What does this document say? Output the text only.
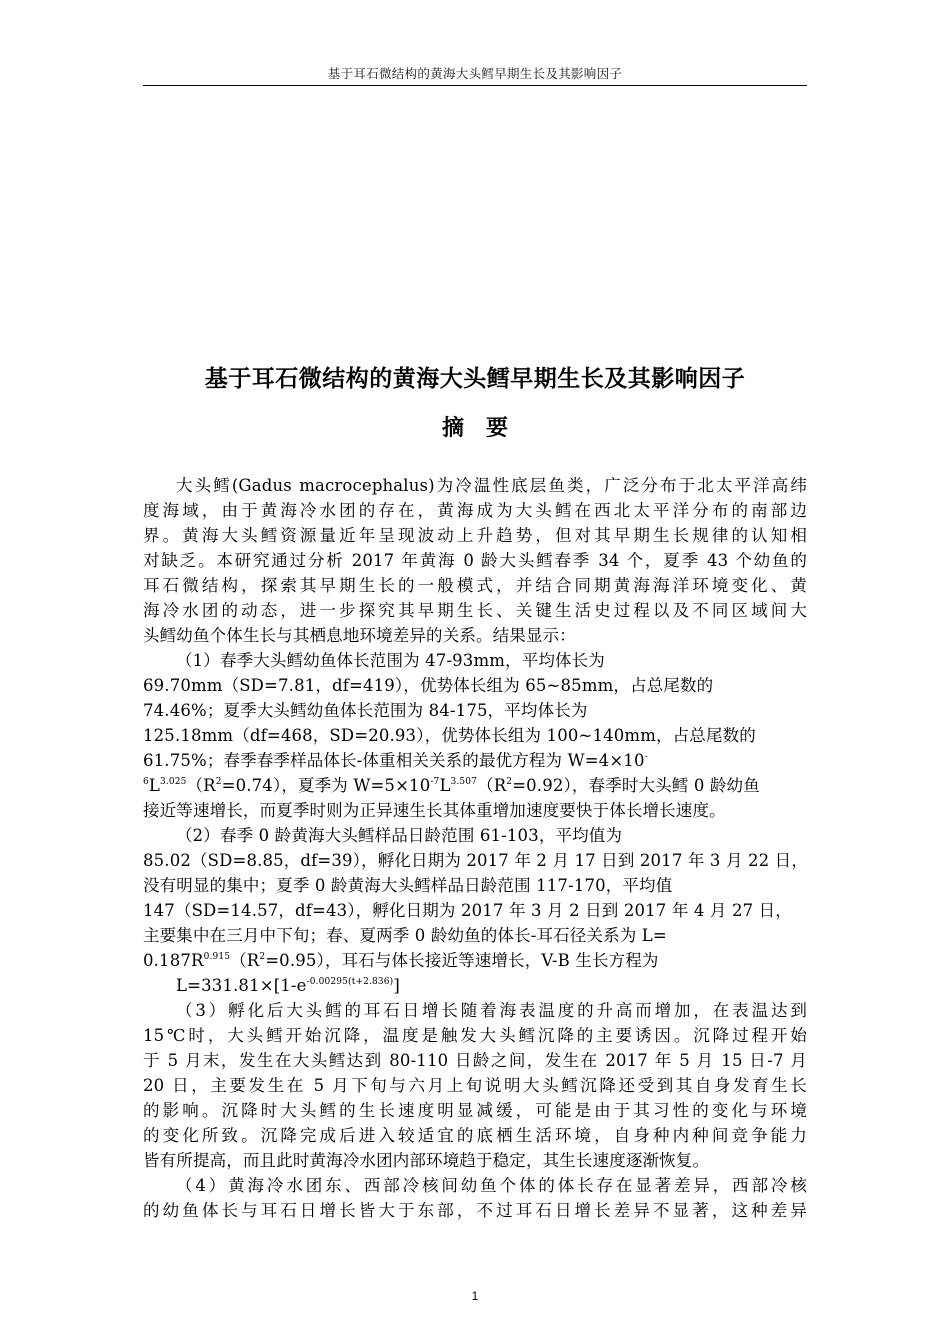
基于耳石微结构的黄海大头鳕早期生长及其影响因子
基于耳石微结构的黄海大头鳕早期生长及其影响因子
摘　要
大头鳕(Gadus macrocephalus)为冷温性底层鱼类，广泛分布于北太平洋高纬
度海域，由于黄海冷水团的存在，黄海成为大头鳕在西北太平洋分布的南部边
界。黄海大头鳕资源量近年呈现波动上升趋势，但对其早期生长规律的认知相
对缺乏。本研究通过分析 2017 年黄海 0 龄大头鳕春季 34 个，夏季 43 个幼鱼的
耳石微结构，探索其早期生长的一般模式，并结合同期黄海海洋环境变化、黄
海冷水团的动态，进一步探究其早期生长、关键生活史过程以及不同区域间大
头鳕幼鱼个体生长与其栖息地环境差异的关系。结果显示：
（1）春季大头鳕幼鱼体长范围为 47-93mm，平均体长为
69.70mm（SD=7.81，df=419），优势体长组为 65~85mm，占总尾数的
74.46%；夏季大头鳕幼鱼体长范围为 84-175，平均体长为
125.18mm（df=468，SD=20.93），优势体长组为 100~140mm，占总尾数的
61.75%；春季春季样品体长-体重相关关系的最优方程为 W=4×10-
$^6L^{3.025}(R^2=0.74)$，夏季为 $W=5\times 10^{-7}L^{3.507}(R^2=0.92)$，春季时大头鳕 0 龄幼鱼
接近等速增长，而夏季时则为正异速生长其体重增加速度要快于体长增长速度。
（2）春季 0 龄黄海大头鳕样品日龄范围 61-103，平均值为
85.02（SD=8.85，df=39），孵化日期为 2017 年 2 月 17 日到 2017 年 3 月 22 日，
没有明显的集中；夏季 0 龄黄海大头鳕样品日龄范围 117-170，平均值
147（SD=14.57，df=43），孵化日期为 2017 年 3 月 2 日到 2017 年 4 月 27 日，
主要集中在三月中下旬；春、夏两季 0 龄幼鱼的体长-耳石径关系为 L=
$0.187R^{0.915}(R^2=0.95)$，耳石与体长接近等速增长，V-B 生长方程为
$L=331.81\times[1-e^{-0.00295(t+2.836)}]$
（3）孵化后大头鳕的耳石日增长随着海表温度的升高而增加，在表温达到
15℃时，大头鳕开始沉降，温度是触发大头鳕沉降的主要诱因。沉降过程开始
于 5 月末，发生在大头鳕达到 80-110 日龄之间，发生在 2017 年 5 月 15 日-7 月
20 日，主要发生在 5 月下旬与六月上旬说明大头鳕沉降还受到其自身发育生长
的影响。沉降时大头鳕的生长速度明显减缓，可能是由于其习性的变化与环境
的变化所致。沉降完成后进入较适宜的底栖生活环境，自身种内种间竞争能力
皆有所提高，而且此时黄海冷水团内部环境趋于稳定，其生长速度逐渐恢复。
（4）黄海冷水团东、西部冷核间幼鱼个体的体长存在显著差异，西部冷核
的幼鱼体长与耳石日增长皆大于东部，不过耳石日增长差异不显著，这种差异
1
